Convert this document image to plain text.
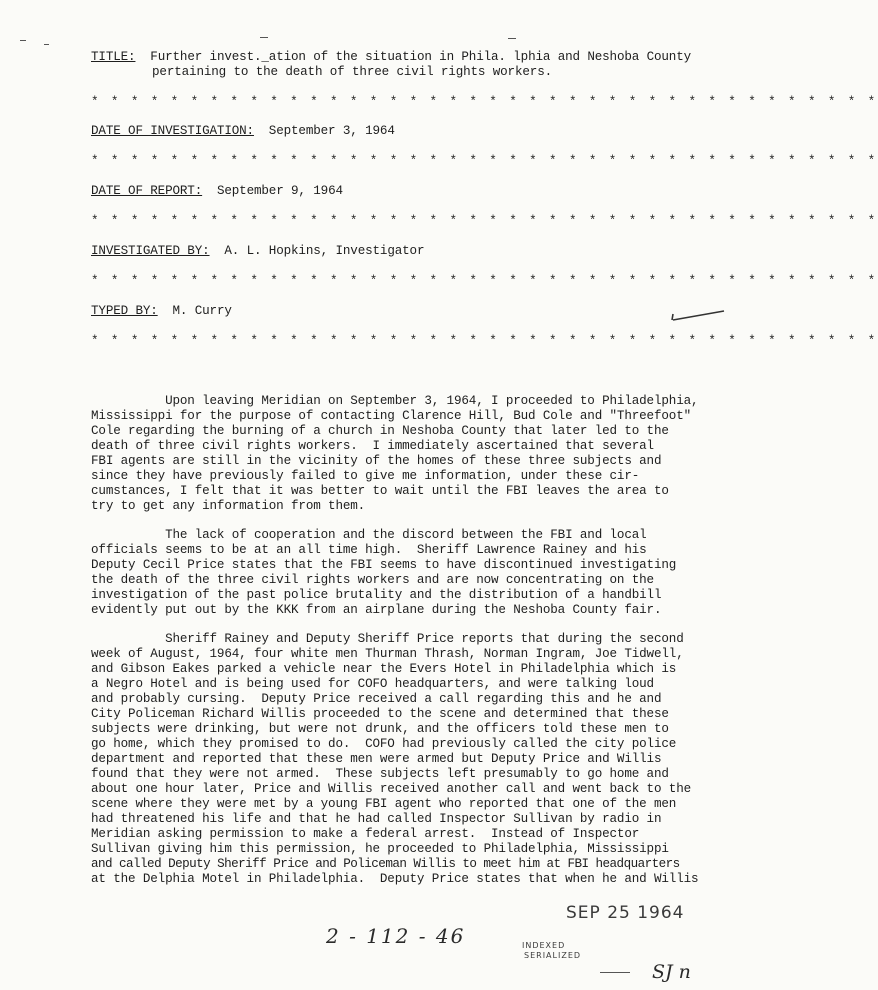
TITLE: Further invest._ation of the situation in Phila. lphia and Neshoba County
pertaining to the death of three civil rights workers.
* * * * * * * * * * * * * * * * * * * * * * * * * * * * * * * * * * * * * * * *
DATE OF INVESTIGATION: September 3, 1964
* * * * * * * * * * * * * * * * * * * * * * * * * * * * * * * * * * * * * * * *
DATE OF REPORT: September 9, 1964
* * * * * * * * * * * * * * * * * * * * * * * * * * * * * * * * * * * * * * * *
INVESTIGATED BY: A. L. Hopkins, Investigator
* * * * * * * * * * * * * * * * * * * * * * * * * * * * * * * * * * * * * * * *
TYPED BY: M. Curry
* * * * * * * * * * * * * * * * * * * * * * * * * * * * * * * * * * * * * * * *
Upon leaving Meridian on September 3, 1964, I proceeded to Philadelphia,
Mississippi for the purpose of contacting Clarence Hill, Bud Cole and "Threefoot"
Cole regarding the burning of a church in Neshoba County that later led to the
death of three civil rights workers.  I immediately ascertained that several
FBI agents are still in the vicinity of the homes of these three subjects and
since they have previously failed to give me information, under these cir-
cumstances, I felt that it was better to wait until the FBI leaves the area to
try to get any information from them.
The lack of cooperation and the discord between the FBI and local
officials seems to be at an all time high.  Sheriff Lawrence Rainey and his
Deputy Cecil Price states that the FBI seems to have discontinued investigating
the death of the three civil rights workers and are now concentrating on the
investigation of the past police brutality and the distribution of a handbill
evidently put out by the KKK from an airplane during the Neshoba County fair.
Sheriff Rainey and Deputy Sheriff Price reports that during the second
week of August, 1964, four white men Thurman Thrash, Norman Ingram, Joe Tidwell,
and Gibson Eakes parked a vehicle near the Evers Hotel in Philadelphia which is
a Negro Hotel and is being used for COFO headquarters, and were talking loud
and probably cursing.  Deputy Price received a call regarding this and he and
City Policeman Richard Willis proceeded to the scene and determined that these
subjects were drinking, but were not drunk, and the officers told these men to
go home, which they promised to do.  COFO had previously called the city police
department and reported that these men were armed but Deputy Price and Willis
found that they were not armed.  These subjects left presumably to go home and
about one hour later, Price and Willis received another call and went back to the
scene where they were met by a young FBI agent who reported that one of the men
had threatened his life and that he had called Inspector Sullivan by radio in
Meridian asking permission to make a federal arrest.  Instead of Inspector
Sullivan giving him this permission, he proceeded to Philadelphia, Mississippi
and called Deputy Sheriff Price and Policeman Willis to meet him at FBI headquarters
at the Delphia Motel in Philadelphia.  Deputy Price states that when he and Willis
SEP 25 1964
2 - 112 - 46	INDEXED
SERIALIZED
SJ n
